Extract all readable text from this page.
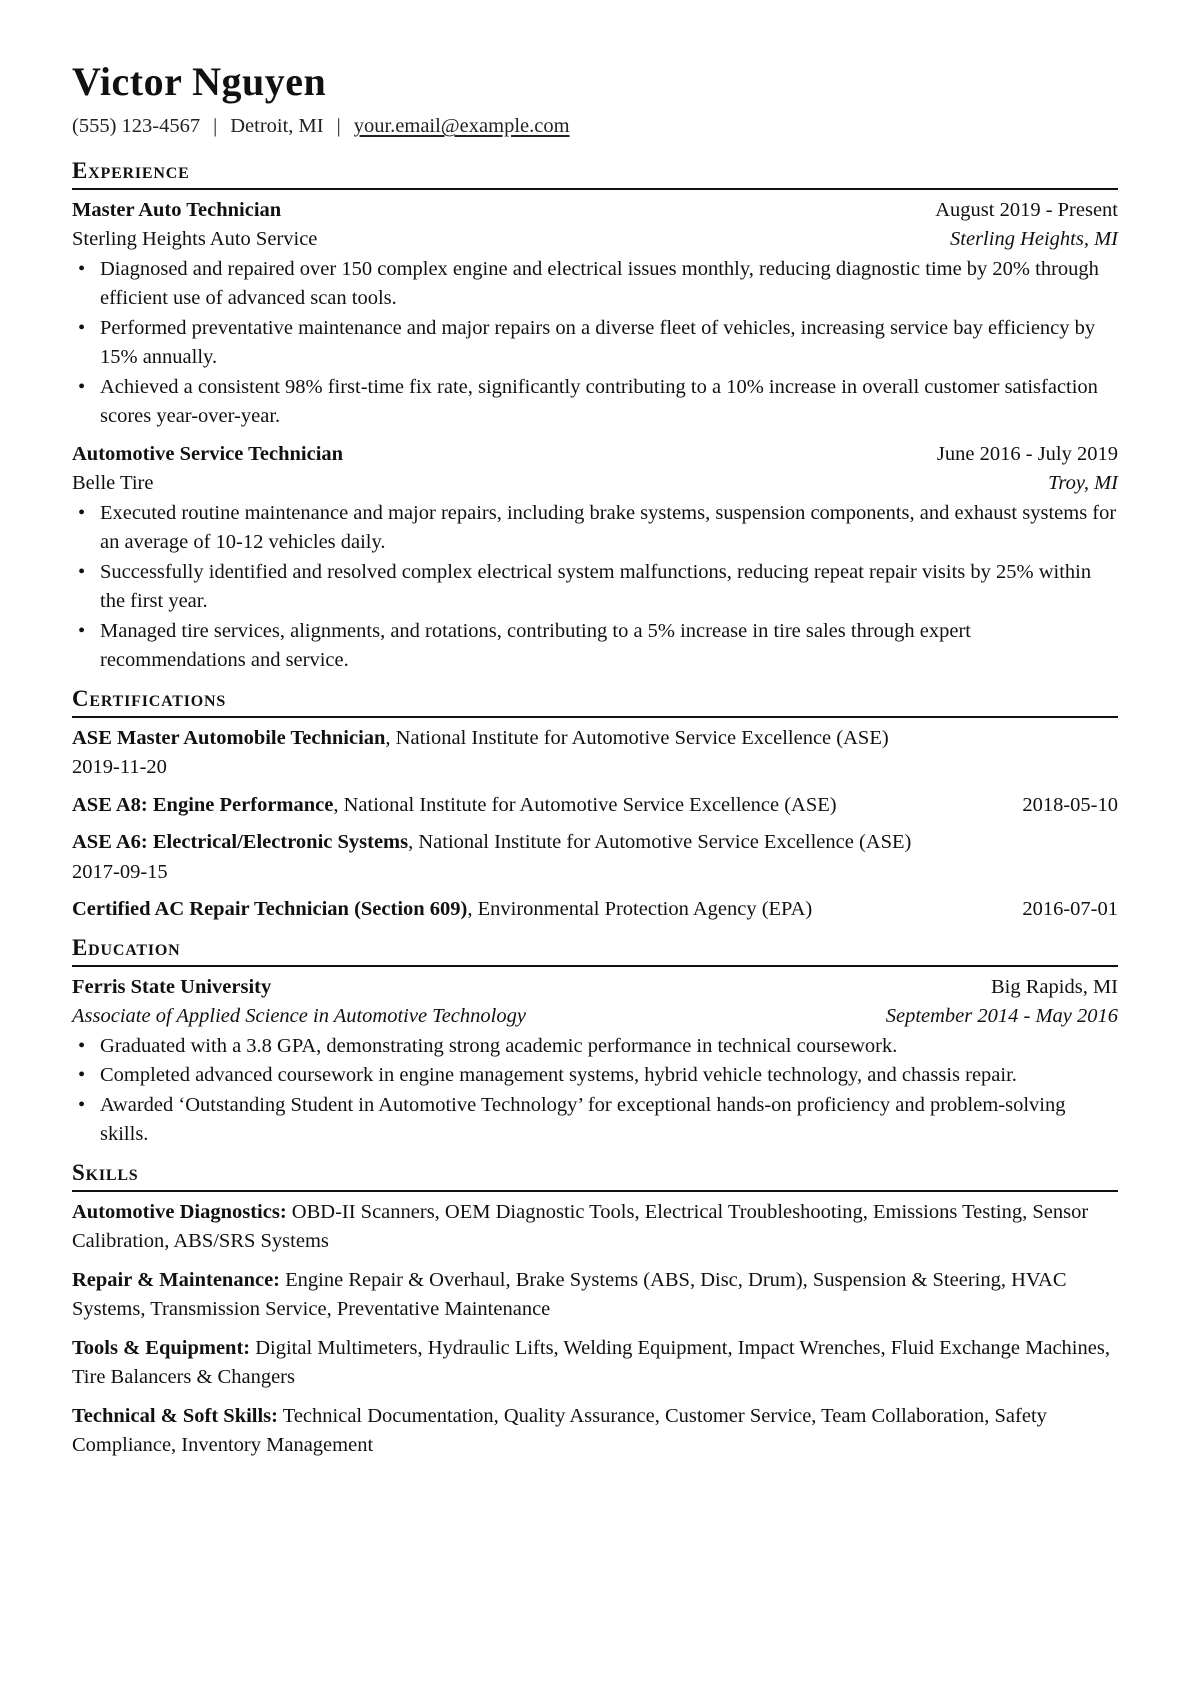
Victor Nguyen
(555) 123-4567 | Detroit, MI | your.email@example.com
Experience
Master Auto Technician	August 2019 - Present
Sterling Heights Auto Service	Sterling Heights, MI
• Diagnosed and repaired over 150 complex engine and electrical issues monthly, reducing diagnostic time by 20% through efficient use of advanced scan tools.
• Performed preventative maintenance and major repairs on a diverse fleet of vehicles, increasing service bay efficiency by 15% annually.
• Achieved a consistent 98% first-time fix rate, significantly contributing to a 10% increase in overall customer satisfaction scores year-over-year.
Automotive Service Technician	June 2016 - July 2019
Belle Tire	Troy, MI
• Executed routine maintenance and major repairs, including brake systems, suspension components, and exhaust systems for an average of 10-12 vehicles daily.
• Successfully identified and resolved complex electrical system malfunctions, reducing repeat repair visits by 25% within the first year.
• Managed tire services, alignments, and rotations, contributing to a 5% increase in tire sales through expert recommendations and service.
Certifications
ASE Master Automobile Technician, National Institute for Automotive Service Excellence (ASE)
2019-11-20
ASE A8: Engine Performance, National Institute for Automotive Service Excellence (ASE)	2018-05-10
ASE A6: Electrical/Electronic Systems, National Institute for Automotive Service Excellence (ASE)
2017-09-15
Certified AC Repair Technician (Section 609), Environmental Protection Agency (EPA)	2016-07-01
Education
Ferris State University	Big Rapids, MI
Associate of Applied Science in Automotive Technology	September 2014 - May 2016
• Graduated with a 3.8 GPA, demonstrating strong academic performance in technical coursework.
• Completed advanced coursework in engine management systems, hybrid vehicle technology, and chassis repair.
• Awarded ‘Outstanding Student in Automotive Technology’ for exceptional hands-on proficiency and problem-solving skills.
Skills
Automotive Diagnostics: OBD-II Scanners, OEM Diagnostic Tools, Electrical Troubleshooting, Emissions Testing, Sensor Calibration, ABS/SRS Systems
Repair & Maintenance: Engine Repair & Overhaul, Brake Systems (ABS, Disc, Drum), Suspension & Steering, HVAC Systems, Transmission Service, Preventative Maintenance
Tools & Equipment: Digital Multimeters, Hydraulic Lifts, Welding Equipment, Impact Wrenches, Fluid Exchange Machines, Tire Balancers & Changers
Technical & Soft Skills: Technical Documentation, Quality Assurance, Customer Service, Team Collaboration, Safety Compliance, Inventory Management
